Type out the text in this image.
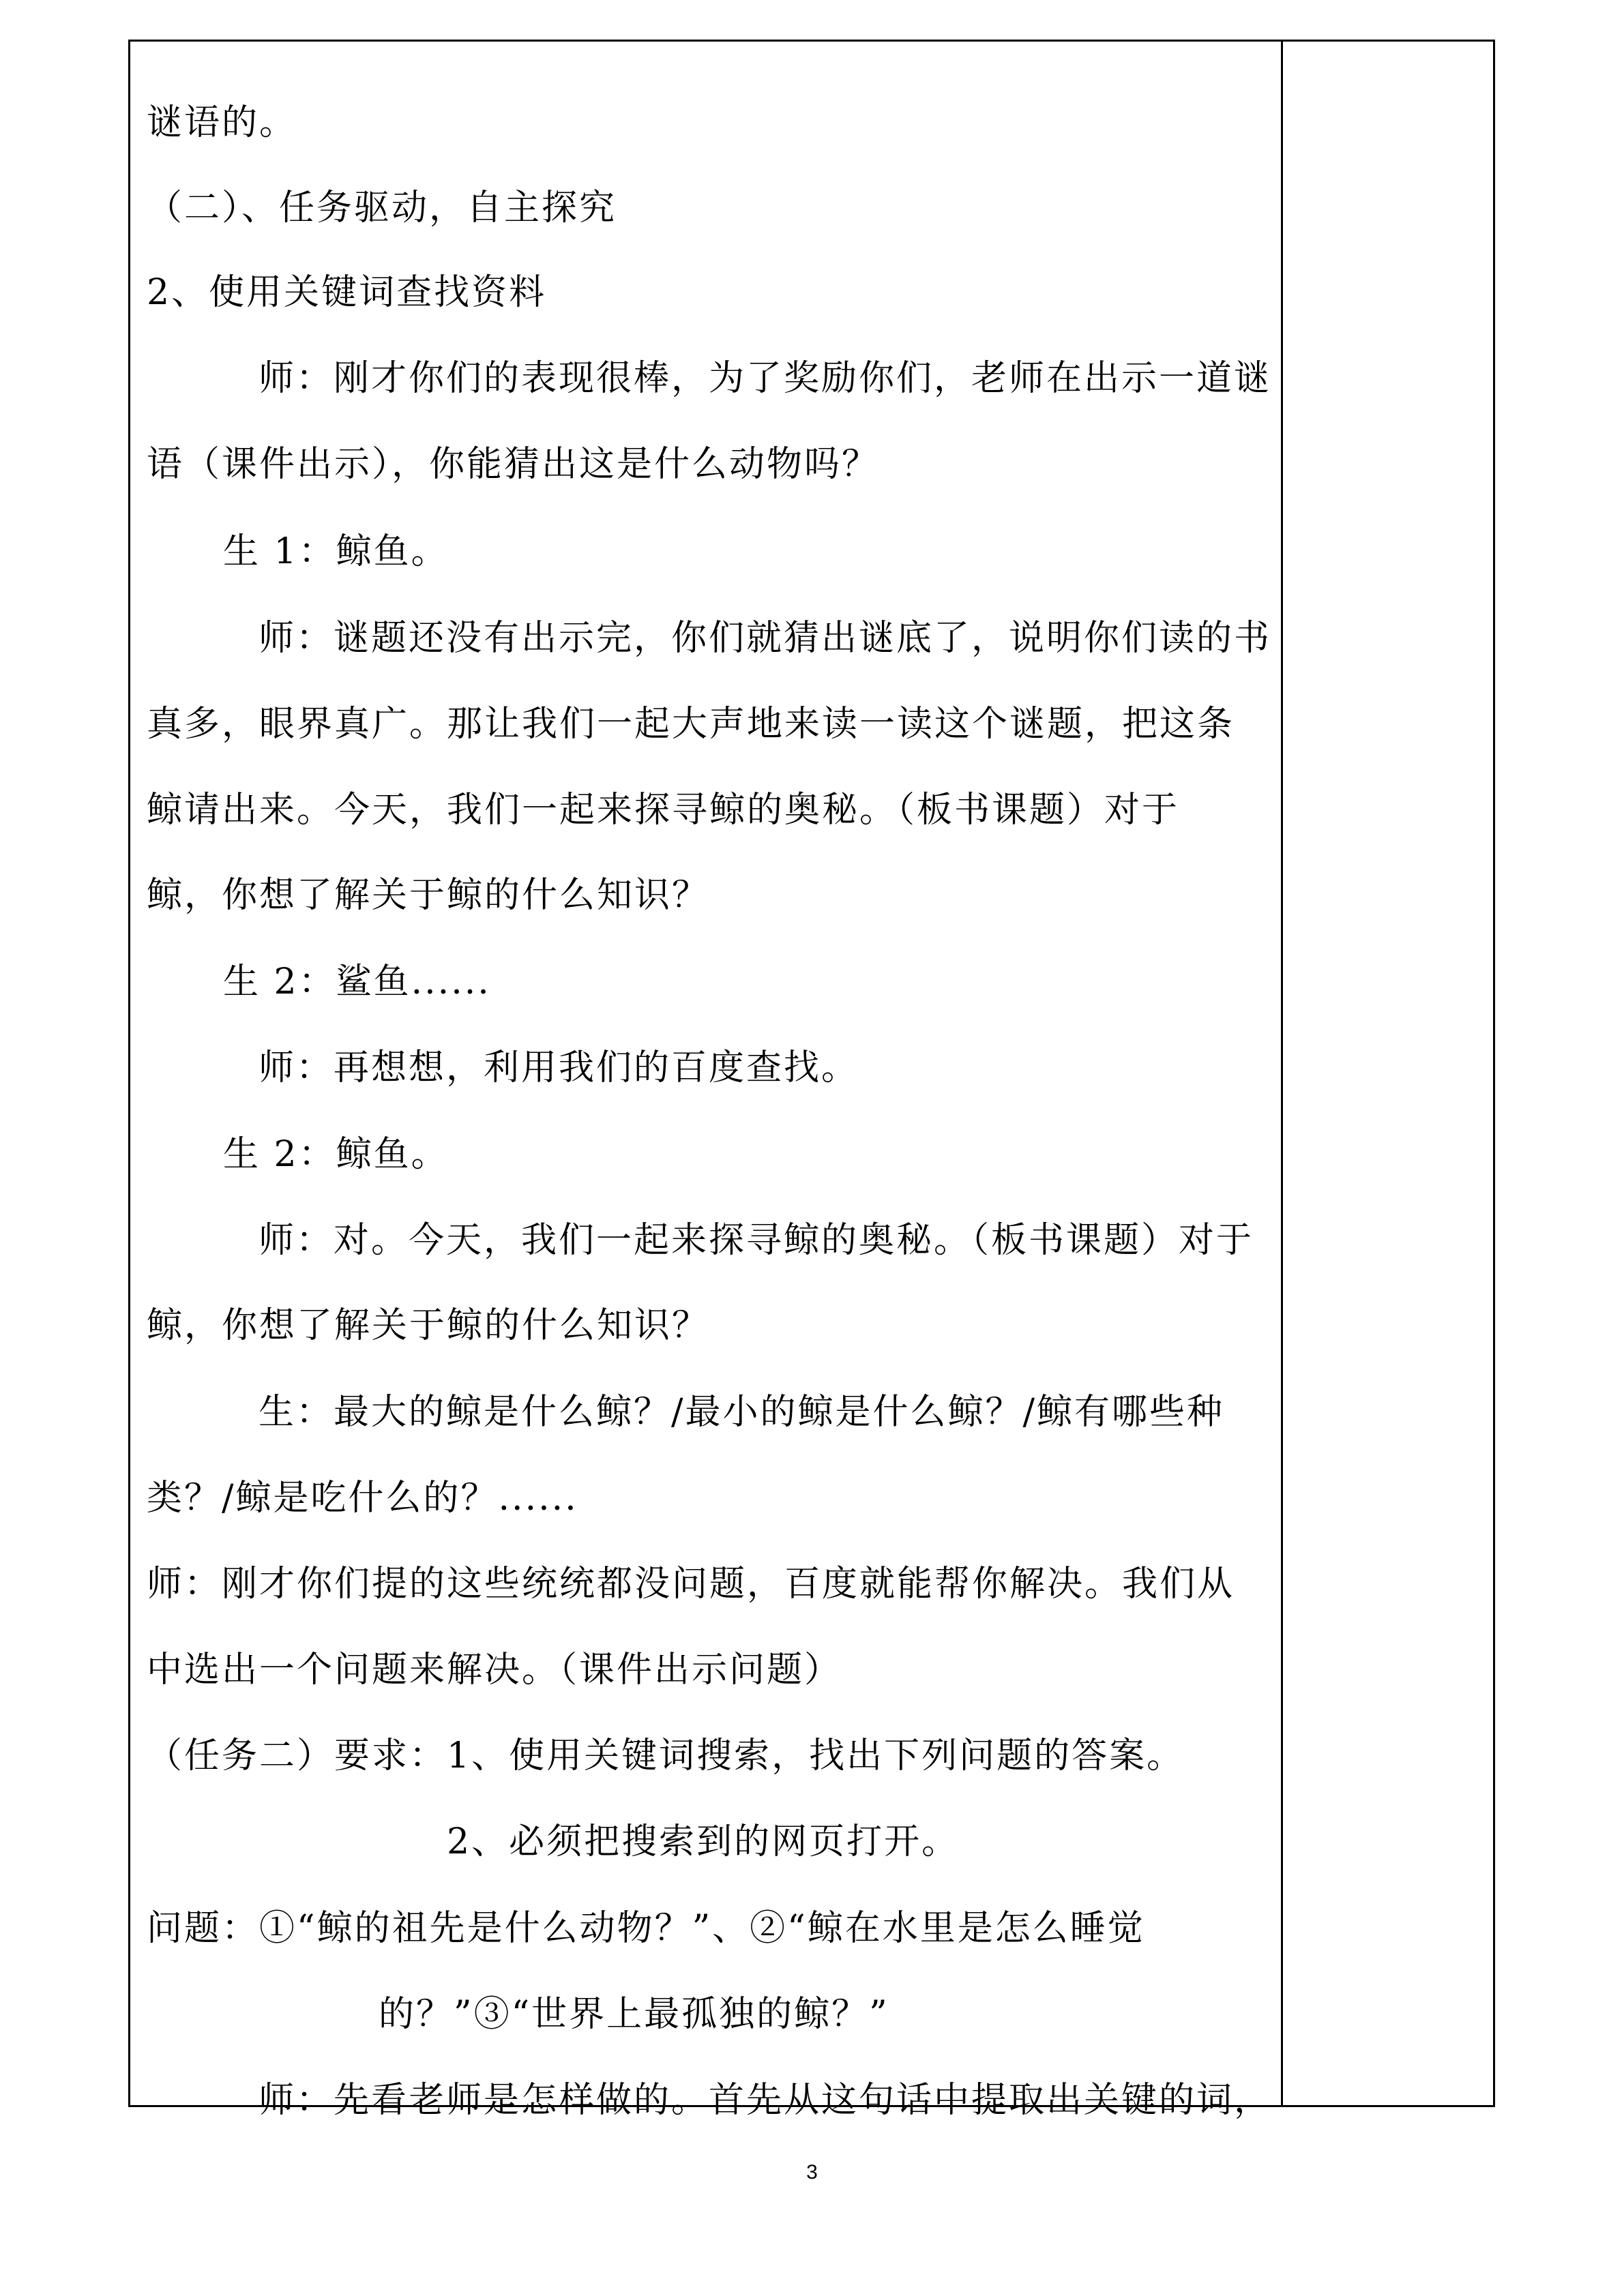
谜语的。
（二）、任务驱动，自主探究
2、使用关键词查找资料
师：刚才你们的表现很棒，为了奖励你们，老师在出示一道谜
语（课件出示），你能猜出这是什么动物吗？
生 1：鲸鱼。
师：谜题还没有出示完，你们就猜出谜底了，说明你们读的书
真多，眼界真广。那让我们一起大声地来读一读这个谜题，把这条
鲸请出来。今天，我们一起来探寻鲸的奥秘。（板书课题）对于
鲸，你想了解关于鲸的什么知识？
生 2：鲨鱼......
师：再想想，利用我们的百度查找。
生 2：鲸鱼。
师：对。今天，我们一起来探寻鲸的奥秘。（板书课题）对于
鲸，你想了解关于鲸的什么知识？
生：最大的鲸是什么鲸？/最小的鲸是什么鲸？/鲸有哪些种
类？/鲸是吃什么的？......
师：刚才你们提的这些统统都没问题，百度就能帮你解决。我们从
中选出一个问题来解决。（课件出示问题）
（任务二）要求：1、使用关键词搜索，找出下列问题的答案。
2、必须把搜索到的网页打开。
问题：①“鲸的祖先是什么动物？”、②“鲸在水里是怎么睡觉
的？”③“世界上最孤独的鲸？”
师：先看老师是怎样做的。首先从这句话中提取出关键的词，
3
